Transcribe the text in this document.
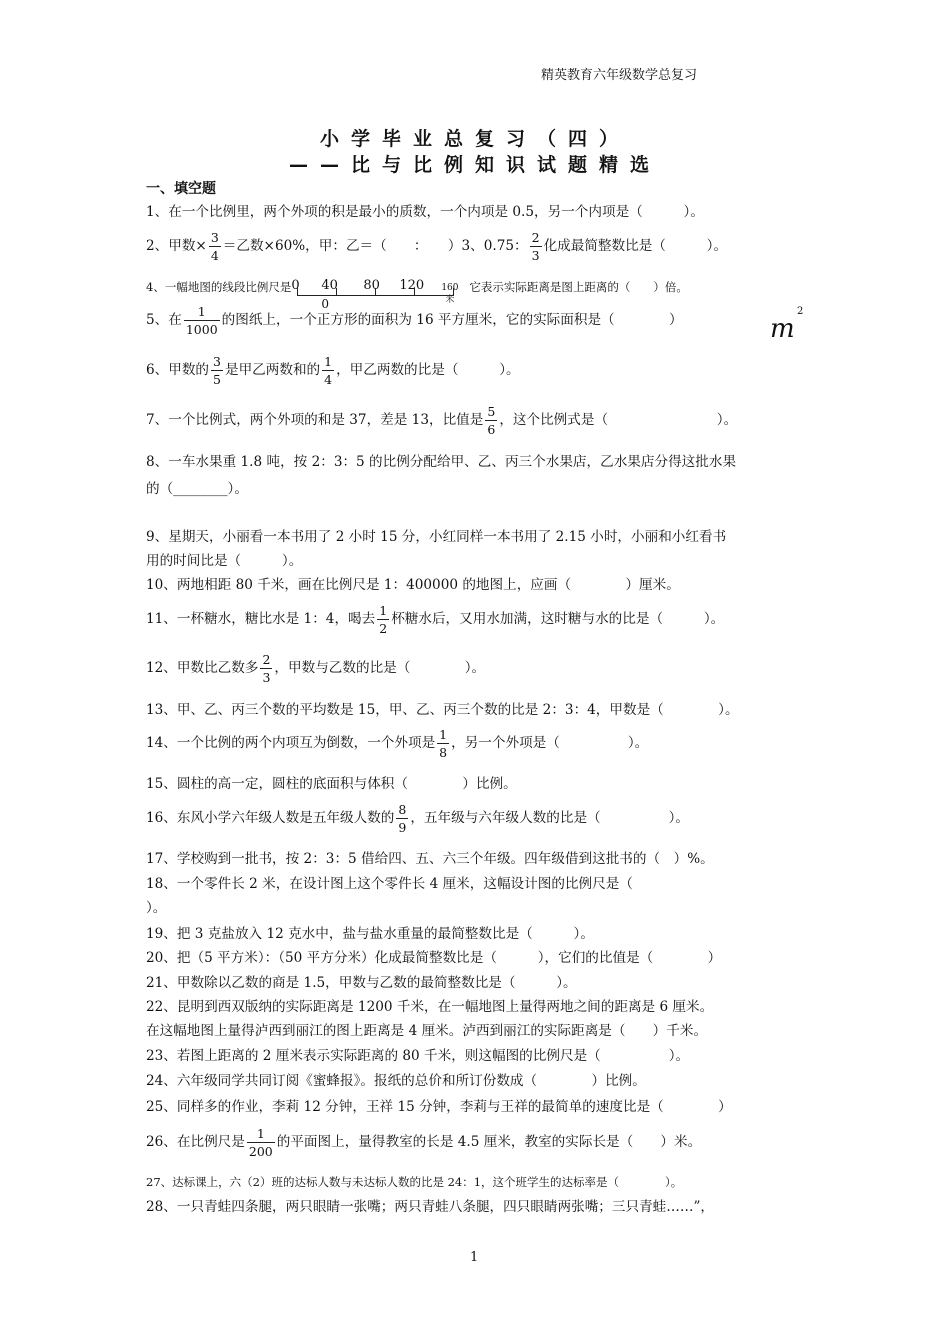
精英教育六年级数学总复习
小学毕业总复习（四）
——比与比例知识试题精选
一、填空题
1、在一个比例里，两个外项的积是最小的质数，一个内项是 0.5，另一个内项是（　　　）。
2、甲数× $\frac{3}{4}$ ＝乙数×60%，甲：乙＝（　　：　　）3、0.75： $\frac{2}{3}$ 化成最简整数比是（　　　）。
4、一幅地图的线段比例尺是 0 40 80 120 160
米
0
它表示实际距离是图上距离的（　　）倍。
5、在 $\frac{1}{1000}$ 的图纸上，一个正方形的面积为 16 平方厘米，它的实际面积是（　　　　）	m
2
6、甲数的 $\frac{3}{5}$ 是甲乙两数和的 $\frac{1}{4}$ ，甲乙两数的比是（　　　）。
7、一个比例式，两个外项的和是 37，差是 13，比值是 $\frac{5}{6}$ ，这个比例式是（　　　　　　　　）。
8、一车水果重 1.8 吨，按 2：3：5 的比例分配给甲、乙、丙三个水果店，乙水果店分得这批水果
的（________）。
9、星期天，小丽看一本书用了 2 小时 15 分，小红同样一本书用了 2.15 小时，小丽和小红看书
用的时间比是（　　　）。
10、两地相距 80 千米，画在比例尺是 1：400000 的地图上，应画（　　　　）厘米。
11、一杯糖水，糖比水是 1：4，喝去 $\frac{1}{2}$ 杯糖水后，又用水加满，这时糖与水的比是（　　　）。
12、甲数比乙数多 $\frac{2}{3}$ ，甲数与乙数的比是（　　　　）。
13、甲、乙、丙三个数的平均数是 15，甲、乙、丙三个数的比是 2：3：4，甲数是（　　　　）。
14、一个比例的两个内项互为倒数，一个外项是 $\frac{1}{8}$ ，另一个外项是（　　　　　）。
15、圆柱的高一定，圆柱的底面积与体积（　　　　）比例。
16、东风小学六年级人数是五年级人数的 $\frac{8}{9}$ ，五年级与六年级人数的比是（　　　　　）。
17、学校购到一批书，按 2：3：5 借给四、五、六三个年级。四年级借到这批书的（　）%。
18、一个零件长 2 米，在设计图上这个零件长 4 厘米，这幅设计图的比例尺是（
）。
19、把 3 克盐放入 12 克水中，盐与盐水重量的最简整数比是（　　　）。
20、把（5 平方米）：（50 平方分米）化成最简整数比是（　　　），它们的比值是（　　　　）
21、甲数除以乙数的商是 1.5，甲数与乙数的最简整数比是（　　　）。
22、昆明到西双版纳的实际距离是 1200 千米，在一幅地图上量得两地之间的距离是 6 厘米。
在这幅地图上量得泸西到丽江的图上距离是 4 厘米。泸西到丽江的实际距离是（　　）千米。
23、若图上距离的 2 厘米表示实际距离的 80 千米，则这幅图的比例尺是（　　　　　）。
24、六年级同学共同订阅《蜜蜂报》。报纸的总价和所订份数成（　　　　）比例。
25、同样多的作业，李莉 12 分钟，王祥 15 分钟，李莉与王祥的最简单的速度比是（　　　　）
26、在比例尺是 $\frac{1}{200}$ 的平面图上，量得教室的长是 4.5 厘米，教室的实际长是（　　）米。
27、达标课上，六（2）班的达标人数与未达标人数的比是 24：1，这个班学生的达标率是（　　　　）。
28、一只青蛙四条腿，两只眼睛一张嘴；两只青蛙八条腿，四只眼睛两张嘴；三只青蛙……”，
1
